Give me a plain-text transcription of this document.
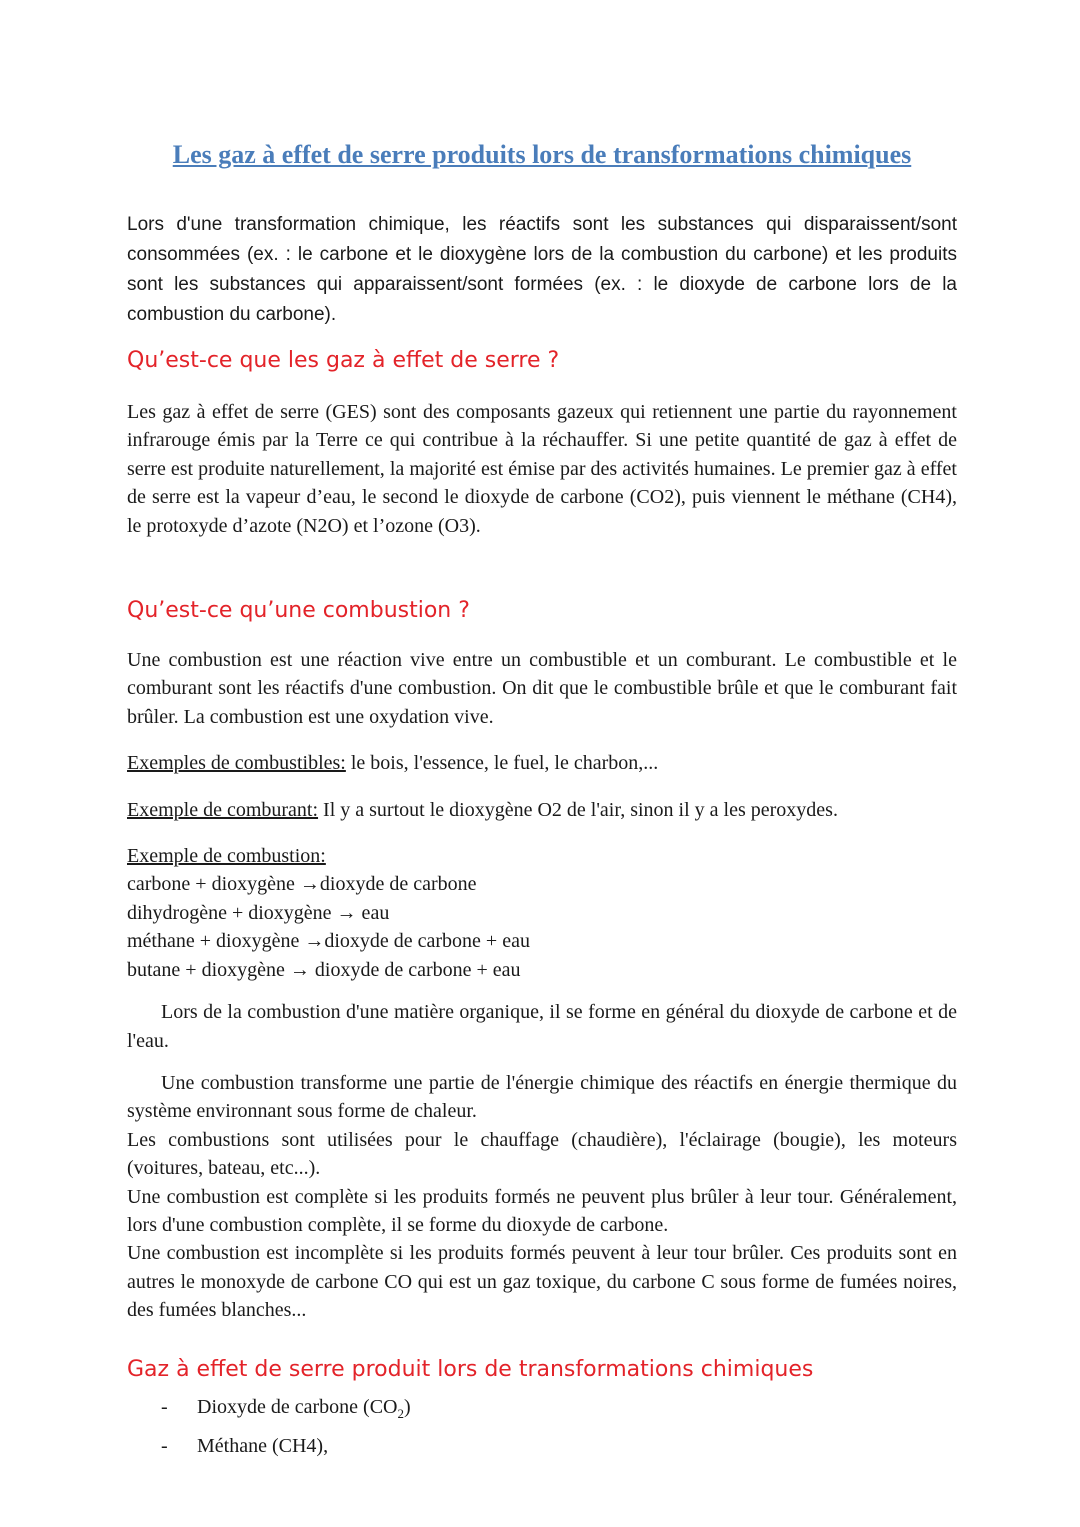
Les gaz à effet de serre produits lors de transformations chimiques

Lors d'une transformation chimique, les réactifs sont les substances qui disparaissent/sont consommées (ex. : le carbone et le dioxygène lors de la combustion du carbone) et les produits sont les substances qui apparaissent/sont formées (ex. : le dioxyde de carbone lors de la combustion du carbone).

Qu’est-ce que les gaz à effet de serre ?

Les gaz à effet de serre (GES) sont des composants gazeux qui retiennent une partie du rayonnement infrarouge émis par la Terre ce qui contribue à la réchauffer. Si une petite quantité de gaz à effet de serre est produite naturellement, la majorité est émise par des activités humaines. Le premier gaz à effet de serre est la vapeur d’eau, le second le dioxyde de carbone (CO2), puis viennent le méthane (CH4), le protoxyde d’azote (N2O) et l’ozone (O3).

Qu’est-ce qu’une combustion ?

Une combustion est une réaction vive entre un combustible et un comburant. Le combustible et le comburant sont les réactifs d'une combustion. On dit que le combustible brûle et que le comburant fait brûler. La combustion est une oxydation vive.

Exemples de combustibles: le bois, l'essence, le fuel, le charbon,...

Exemple de comburant: Il y a surtout le dioxygène O2 de l'air, sinon il y a les peroxydes.

Exemple de combustion:

carbone + dioxygène →dioxyde de carbone

dihydrogène + dioxygène → eau

méthane + dioxygène →dioxyde de carbone + eau

butane + dioxygène → dioxyde de carbone + eau

Lors de la combustion d'une matière organique, il se forme en général du dioxyde de carbone et de l'eau.

Une combustion transforme une partie de l'énergie chimique des réactifs en énergie thermique du système environnant sous forme de chaleur.

Les combustions sont utilisées pour le chauffage (chaudière), l'éclairage (bougie), les moteurs (voitures, bateau, etc...).

Une combustion est complète si les produits formés ne peuvent plus brûler à leur tour. Généralement, lors d'une combustion complète, il se forme du dioxyde de carbone.

Une combustion est incomplète si les produits formés peuvent à leur tour brûler. Ces produits sont en autres le monoxyde de carbone CO qui est un gaz toxique, du carbone C sous forme de fumées noires, des fumées blanches...

Gaz à effet de serre produit lors de transformations chimiques
-	Dioxyde de carbone $(CO_2)$
-	Méthane (CH4),
